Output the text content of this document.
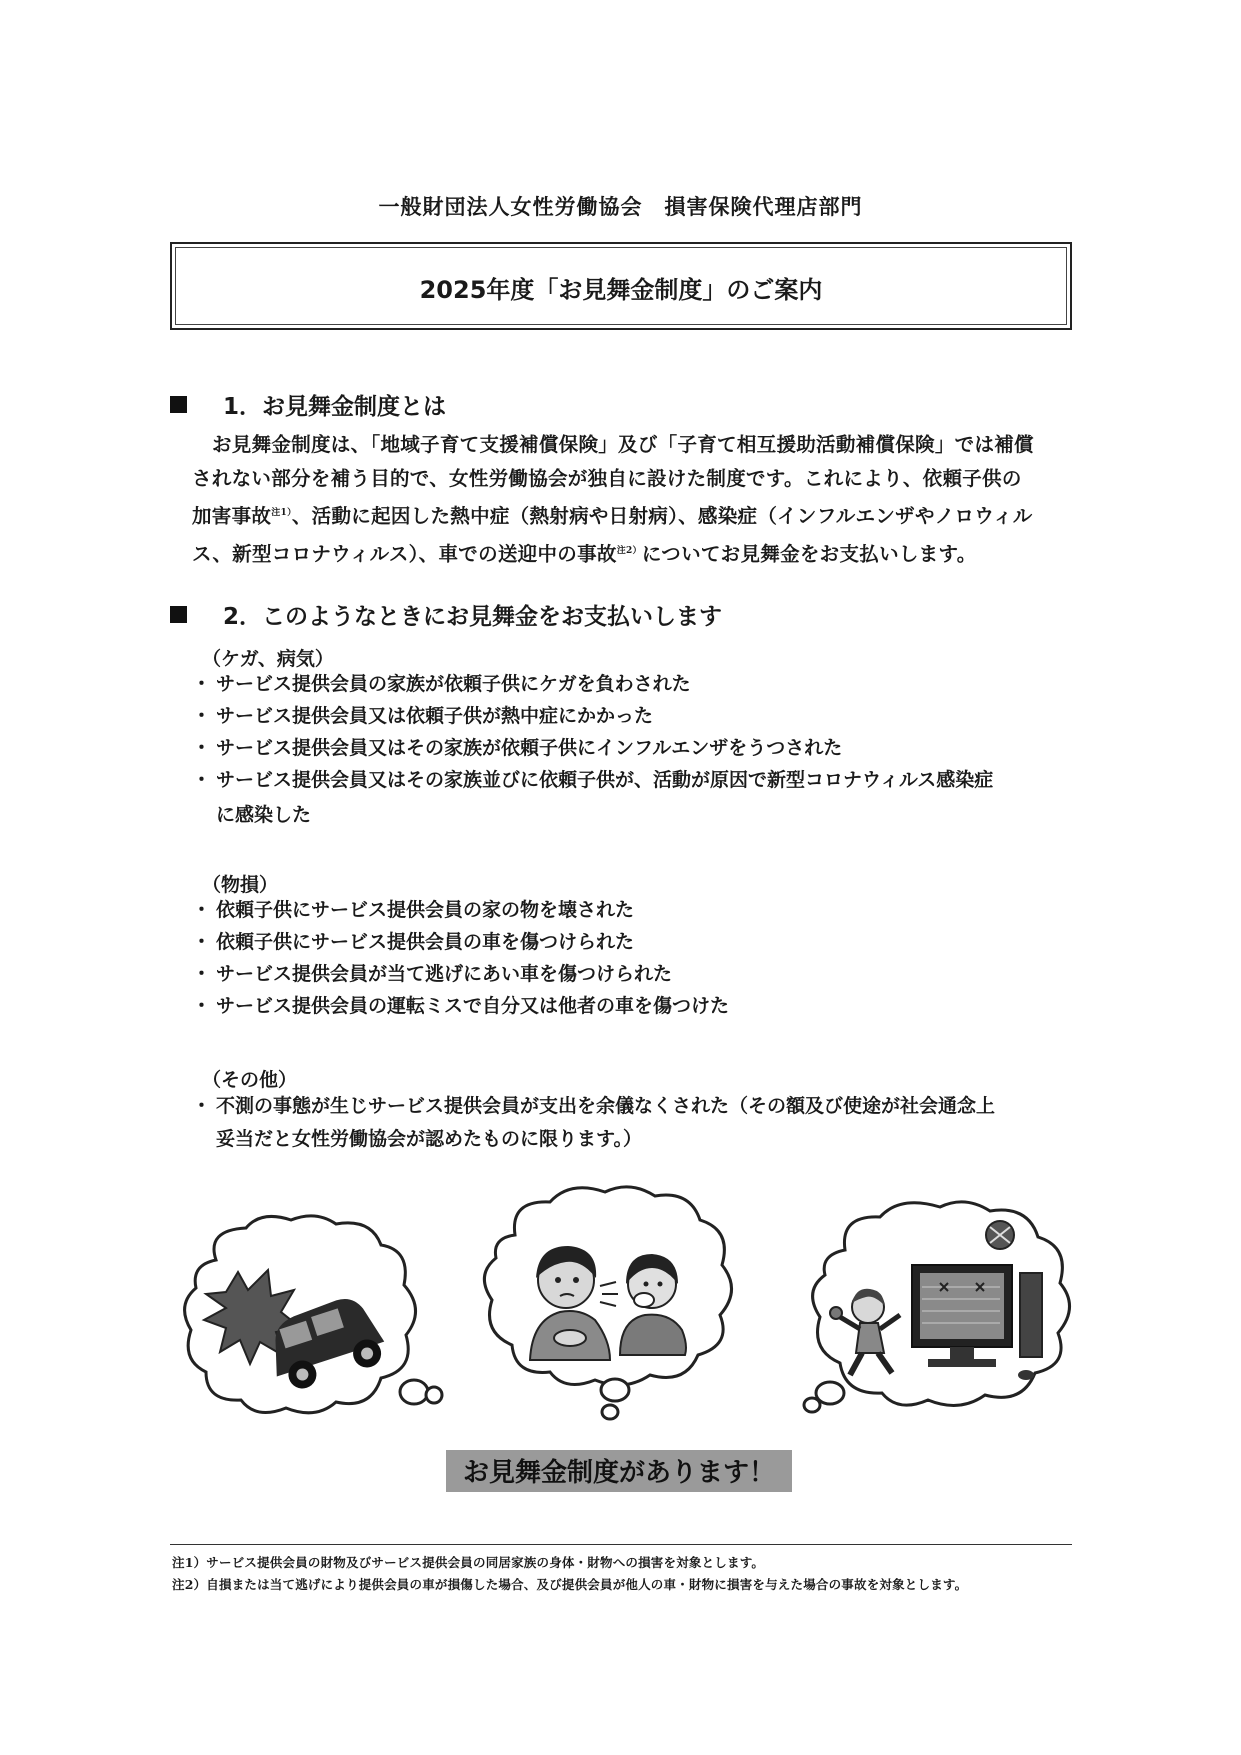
一般財団法人女性労働協会　損害保険代理店部門
2025年度「お見舞金制度」のご案内
1．お見舞金制度とは
お見舞金制度は、「地域子育て支援補償保険」及び「子育て相互援助活動補償保険」では補償
されない部分を補う目的で、女性労働協会が独自に設けた制度です。これにより、依頼子供の
加害事故$^{注1)}$、活動に起因した熱中症（熱射病や日射病）、感染症（インフルエンザやノロウィル
ス、新型コロナウィルス）、車での送迎中の事故$^{注2)}$についてお見舞金をお支払いします。
2．このようなときにお見舞金をお支払いします
（ケガ、病気）
・ サービス提供会員の家族が依頼子供にケガを負わされた
・ サービス提供会員又は依頼子供が熱中症にかかった
・ サービス提供会員又はその家族が依頼子供にインフルエンザをうつされた
・ サービス提供会員又はその家族並びに依頼子供が、活動が原因で新型コロナウィルス感染症
に感染した
（物損）
・ 依頼子供にサービス提供会員の家の物を壊された
・ 依頼子供にサービス提供会員の車を傷つけられた
・ サービス提供会員が当て逃げにあい車を傷つけられた
・ サービス提供会員の運転ミスで自分又は他者の車を傷つけた
（その他）
・ 不測の事態が生じサービス提供会員が支出を余儀なくされた（その額及び使途が社会通念上
妥当だと女性労働協会が認めたものに限ります。）
お見舞金制度があります！
注1）サービス提供会員の財物及びサービス提供会員の同居家族の身体・財物への損害を対象とします。
注2）自損または当て逃げにより提供会員の車が損傷した場合、及び提供会員が他人の車・財物に損害を与えた場合の事故を対象とします。
